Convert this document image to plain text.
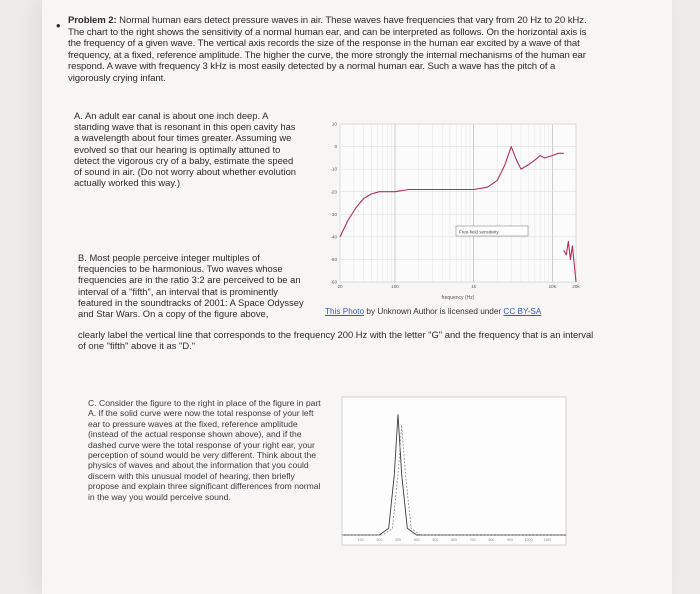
• Problem 2: Normal human ears detect pressure waves in air. These waves have frequencies that vary from 20 Hz to 20 kHz. The chart to the right shows the sensitivity of a normal human ear, and can be interpreted as follows. On the horizontal axis is the frequency of a given wave. The vertical axis records the size of the response in the human ear excited by a wave of that frequency, at a fixed, reference amplitude. The higher the curve, the more strongly the internal mechanisms of the human ear respond. A wave with frequency 3 kHz is most easily detected by a normal human ear. Such a wave has the pitch of a vigorously crying infant.
A. An adult ear canal is about one inch deep. A standing wave that is resonant in this open cavity has a wavelength about four times greater. Assuming we evolved so that our hearing is optimally attuned to detect the vigorous cry of a baby, estimate the speed of sound in air. (Do not worry about whether evolution actually worked this way.)
B. Most people perceive integer multiples of frequencies to be harmonious. Two waves whose frequencies are in the ratio 3:2 are perceived to be an interval of a "fifth", an interval that is prominently featured in the soundtracks of 2001: A Space Odyssey and Star Wars. On a copy of the figure above,
clearly label the vertical line that corresponds to the frequency 200 Hz with the letter "G" and the frequency that is an interval of one "fifth" above it as "D."
C. Consider the figure to the right in place of the figure in part A. If the solid curve were now the total response of your left ear to pressure waves at the fixed, reference amplitude (instead of the actual response shown above), and if the dashed curve were the total response of your right ear, your perception of sound would be very different. Think about the physics of waves and about the information that you could discern with this unusual model of hearing, then briefly propose and explain three significant differences from normal in the way you would perceive sound.
10
0
-10
-20
-30
-40
-50
-60
20	100	1k	10k	20k
Free-field sensitivity
frequency (Hz)
This Photo by Unknown Author is licensed under CC BY-SA
100	200	300	400	500	600	700	800	900	1000	1100
